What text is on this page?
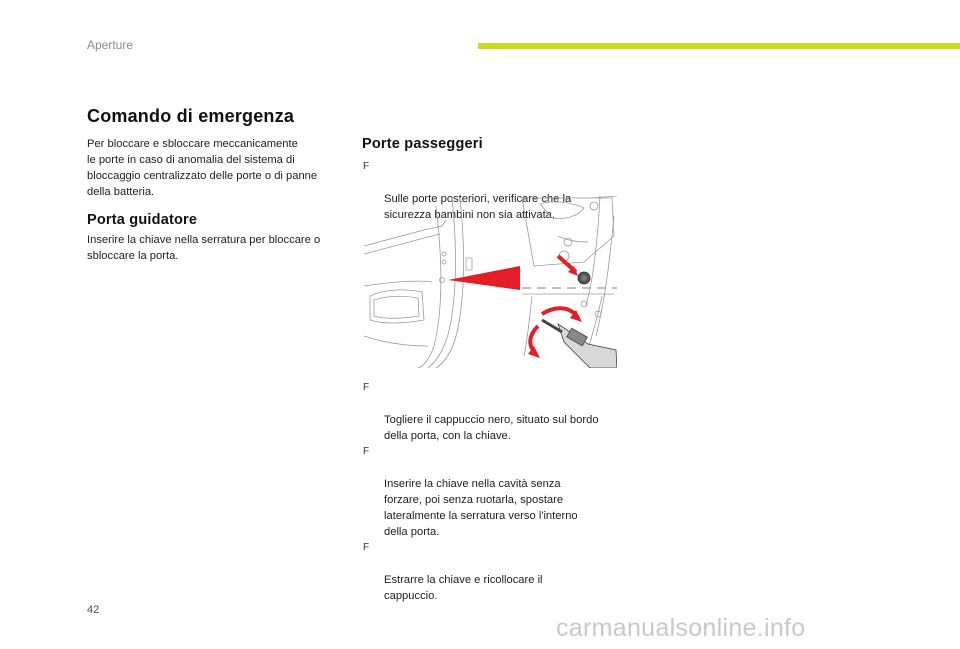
Aperture
Comando di emergenza
Per bloccare e sbloccare meccanicamente
le porte in caso di anomalia del sistema di
bloccaggio centralizzato delle porte o di panne
della batteria.
Porta guidatore
Inserire la chiave nella serratura per bloccare o
sbloccare la porta.
Porte passeggeri

F

Sulle porte posteriori, verificare che la
sicurezza bambini non sia attivata.

F

Togliere il cappuccio nero, situato sul bordo
della porta, con la chiave.

F

Inserire la chiave nella cavità senza
forzare, poi senza ruotarla, spostare
lateralmente la serratura verso l'interno
della porta.

F

Estrarre la chiave e ricollocare il
cappuccio.

42
carmanualsonline.info
